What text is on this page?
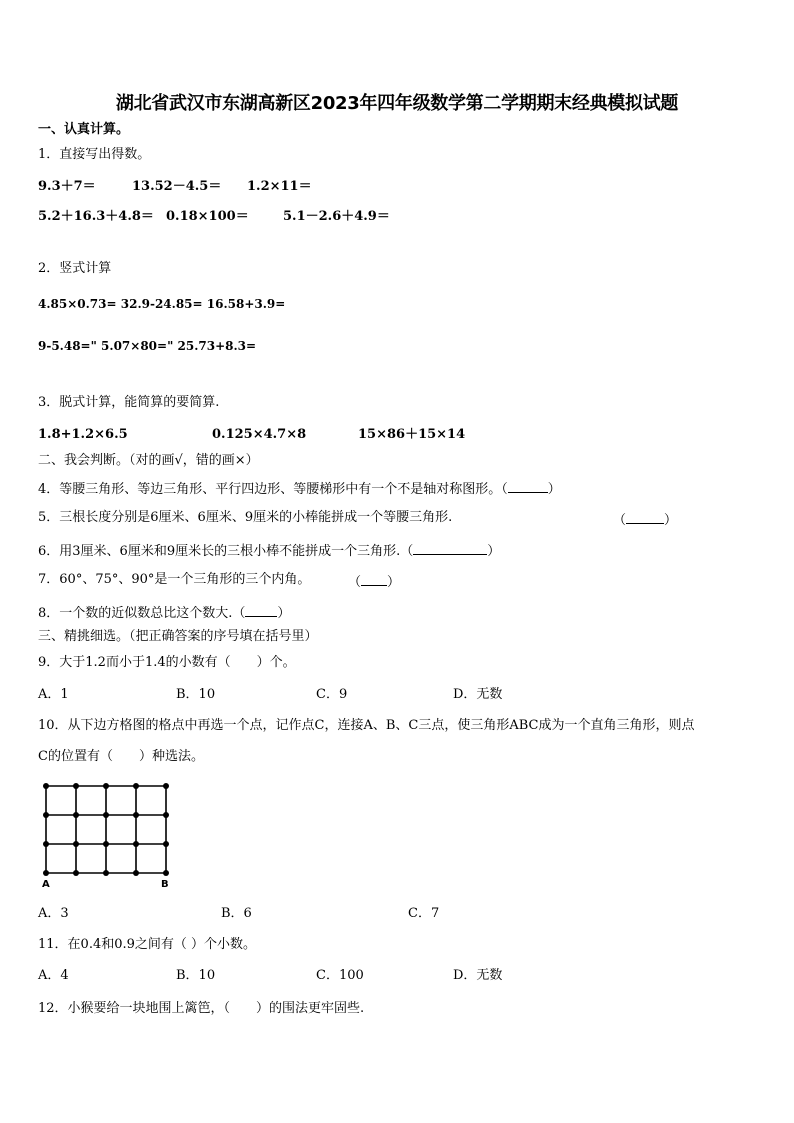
湖北省武汉市东湖高新区2023年四年级数学第二学期期末经典模拟试题
一、认真计算。
1．直接写出得数。
9.3＋7＝	13.52－4.5＝ 1.2×11＝
5.2＋16.3＋4.8＝ 0.18×100＝	5.1－2.6＋4.9＝
2．竖式计算
4.85×0.73= 32.9-24.85= 16.58+3.9=
9-5.48=" 5.07×80=" 25.73+8.3=
3．脱式计算，能简算的要简算.
1.8+1.2×6.5	0.125×4.7×8	15×86＋15×14
二、我会判断。（对的画√，错的画×）
4．等腰三角形、等边三角形、平行四边形、等腰梯形中有一个不是轴对称图形。（	）
5．三根长度分别是6厘米、6厘米、9厘米的小棒能拼成一个等腰三角形.	（	）
6．用3厘米、6厘米和9厘米长的三根小棒不能拼成一个三角形.（	）
7．60°、75°、90°是一个三角形的三个内角。	（ ）
8．一个数的近似数总比这个数大.（ ）
三、精挑细选。（把正确答案的序号填在括号里）
9．大于1.2而小于1.4的小数有（　　）个。
A．1	B．10	C．9	D．无数
10．从下边方格图的格点中再选一个点，记作点C，连接A、B、C三点，使三角形ABC成为一个直角三角形，则点
C的位置有（　　）种选法。
A	B
A．3	B．6	C．7
11．在0.4和0.9之间有（ ）个小数。
A．4	B．10	C．100	D．无数
12．小猴要给一块地围上篱笆，（　　）的围法更牢固些.
